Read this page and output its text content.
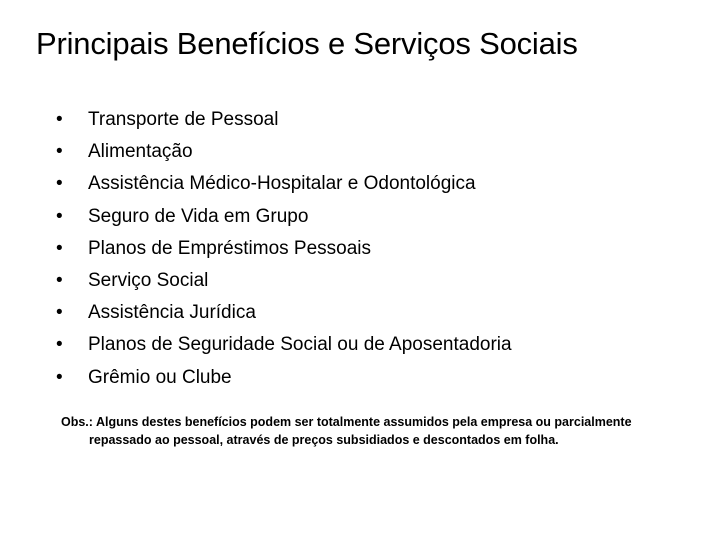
Principais Benefícios e Serviços Sociais
•	Transporte de Pessoal
•	Alimentação
•	Assistência Médico-Hospitalar e Odontológica
•	Seguro de Vida em Grupo
•	Planos de Empréstimos Pessoais
•	Serviço Social
•	Assistência Jurídica
•	Planos de Seguridade Social ou de Aposentadoria
•	Grêmio ou Clube

Obs.: Alguns destes benefícios podem ser totalmente assumidos pela empresa ou parcialmente repassado ao pessoal, através de preços subsidiados e descontados em folha.
